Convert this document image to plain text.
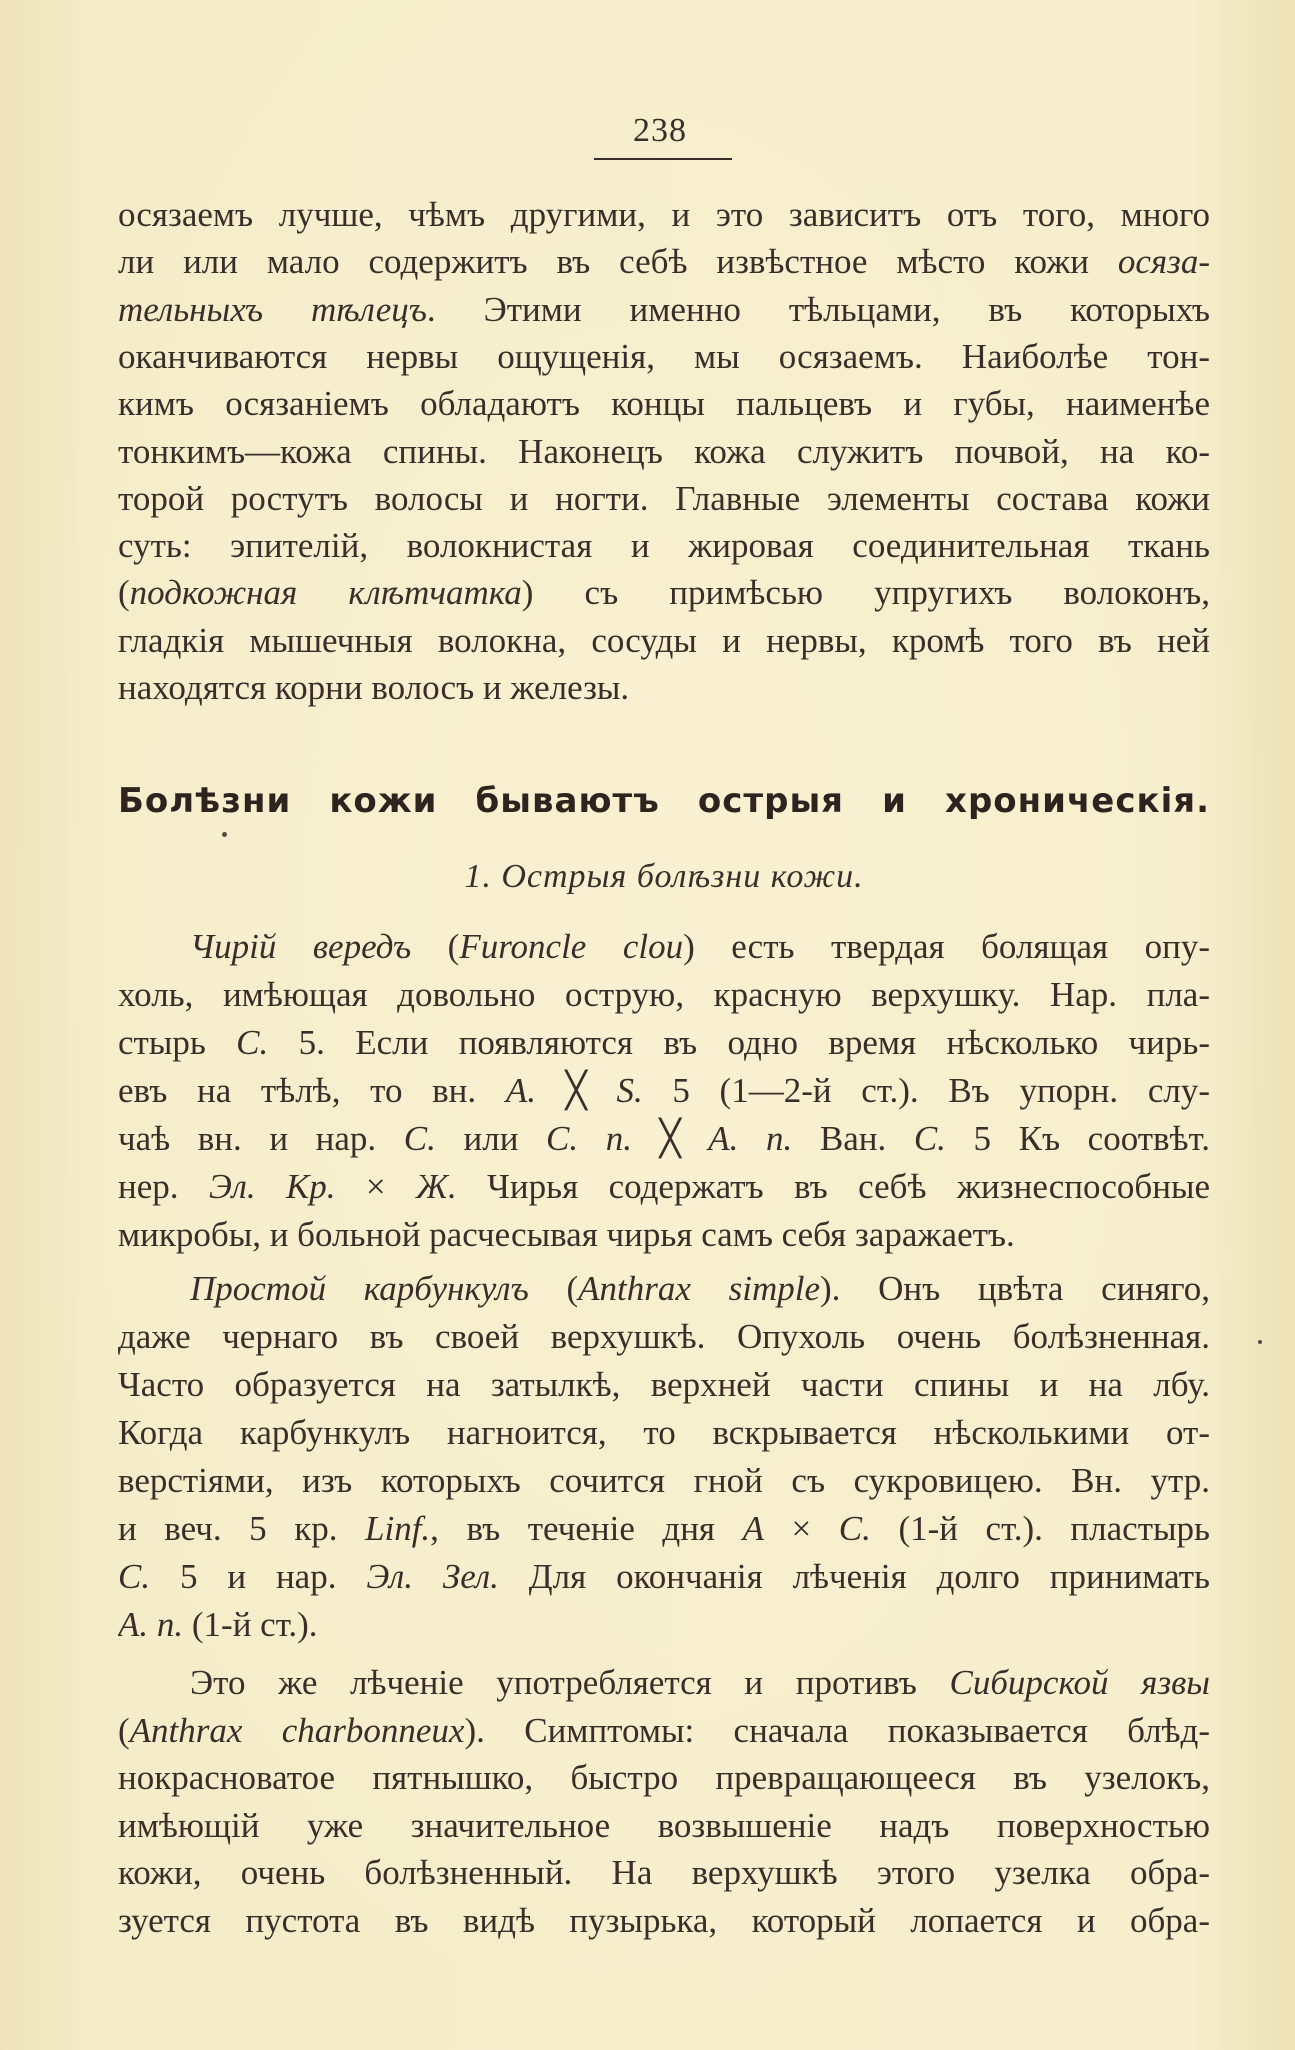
238
осязаемъ лучше, чѣмъ другими, и это зависитъ отъ того, много
ли или мало содержитъ въ себѣ извѣстное мѣсто кожи осяза-
тельныхъ тѣлецъ. Этими именно тѣльцами, въ которыхъ
оканчиваются нервы ощущенія, мы осязаемъ. Наиболѣе тон-
кимъ осязаніемъ обладаютъ концы пальцевъ и губы, наименѣе
тонкимъ—кожа спины. Наконецъ кожа служитъ почвой, на ко-
торой ростутъ волосы и ногти. Главные элементы состава кожи
суть: эпителій, волокнистая и жировая соединительная ткань
(подкожная клѣтчатка) съ примѣсью упругихъ волоконъ,
гладкія мышечныя волокна, сосуды и нервы, кромѣ того въ ней
находятся корни волосъ и железы.
Болѣзни кожи бываютъ острыя и хроническія.
1. Острыя болѣзни кожи.
Чирій вередъ (Furoncle clou) есть твердая болящая опу-
холь, имѣющая довольно острую, красную верхушку. Нар. пла-
стырь С. 5. Если появляются въ одно время нѣсколько чирь-
евъ на тѣлѣ, то вн. А. ╳ S. 5 (1—2-й ст.). Въ упорн. слу-
чаѣ вн. и нар. С. или С. п. ╳ А. п. Ван. С. 5 Къ соотвѣт.
нер. Эл. Кр. × Ж. Чирья содержатъ въ себѣ жизнеспособные
микробы, и больной расчесывая чирья самъ себя заражаетъ.
Простой карбункулъ (Anthrax simple). Онъ цвѣта синяго,
даже чернаго въ своей верхушкѣ. Опухоль очень болѣзненная.
Часто образуется на затылкѣ, верхней части спины и на лбу.
Когда карбункулъ нагноится, то вскрывается нѣсколькими от-
верстіями, изъ которыхъ сочится гной съ сукровицею. Вн. утр.
и веч. 5 кр. Linf., въ теченіе дня А × С. (1-й ст.). пластырь
С. 5 и нар. Эл. Зел. Для окончанія лѣченія долго принимать
А. п. (1-й ст.).
Это же лѣченіе употребляется и противъ Сибирской язвы
(Anthrax charbonneux). Симптомы: сначала показывается блѣд-
нокрасноватое пятнышко, быстро превращающееся въ узелокъ,
имѣющій уже значительное возвышеніе надъ поверхностью
кожи, очень болѣзненный. На верхушкѣ этого узелка обра-
зуется пустота въ видѣ пузырька, который лопается и обра-
